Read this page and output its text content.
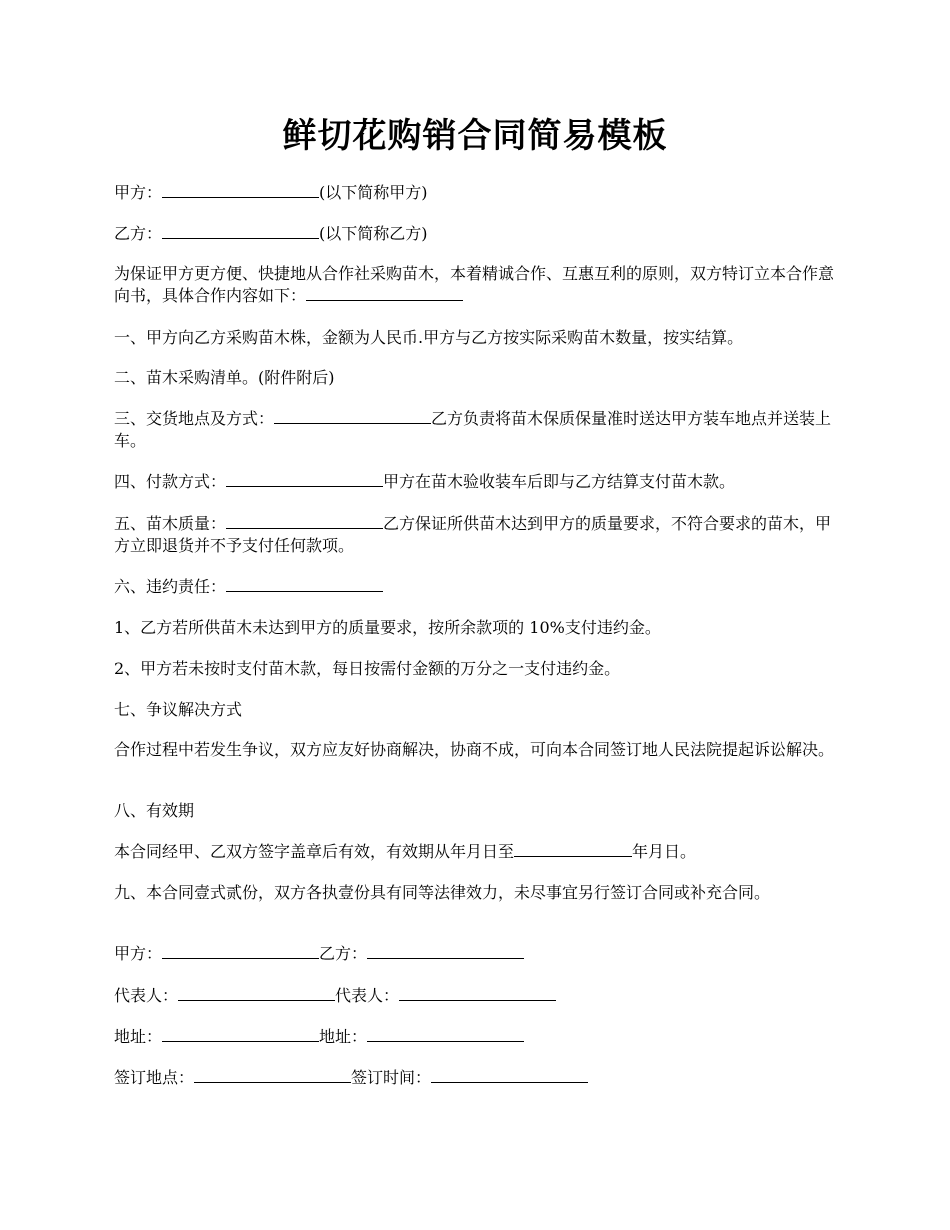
鲜切花购销合同简易模板

甲方：	(以下简称甲方)

乙方：	(以下简称乙方)

为保证甲方更方便、快捷地从合作社采购苗木，本着精诚合作、互惠互利的原则，双方特订立本合作意向书，具体合作内容如下：

一、甲方向乙方采购苗木株，金额为人民币.甲方与乙方按实际采购苗木数量，按实结算。

二、苗木采购清单。(附件附后)

三、交货地点及方式：	乙方负责将苗木保质保量准时送达甲方装车地点并送装上车。

四、付款方式：	甲方在苗木验收装车后即与乙方结算支付苗木款。

五、苗木质量：	乙方保证所供苗木达到甲方的质量要求，不符合要求的苗木，甲方立即退货并不予支付任何款项。

六、违约责任：

1、乙方若所供苗木未达到甲方的质量要求，按所余款项的 10%支付违约金。

2、甲方若未按时支付苗木款，每日按需付金额的万分之一支付违约金。

七、争议解决方式

合作过程中若发生争议，双方应友好协商解决，协商不成，可向本合同签订地人民法院提起诉讼解决。

八、有效期

本合同经甲、乙双方签字盖章后有效，有效期从年月日至	年月日。

九、本合同壹式贰份，双方各执壹份具有同等法律效力，未尽事宜另行签订合同或补充合同。

甲方：	乙方：

代表人：	代表人：

地址：	地址：

签订地点：	签订时间：
